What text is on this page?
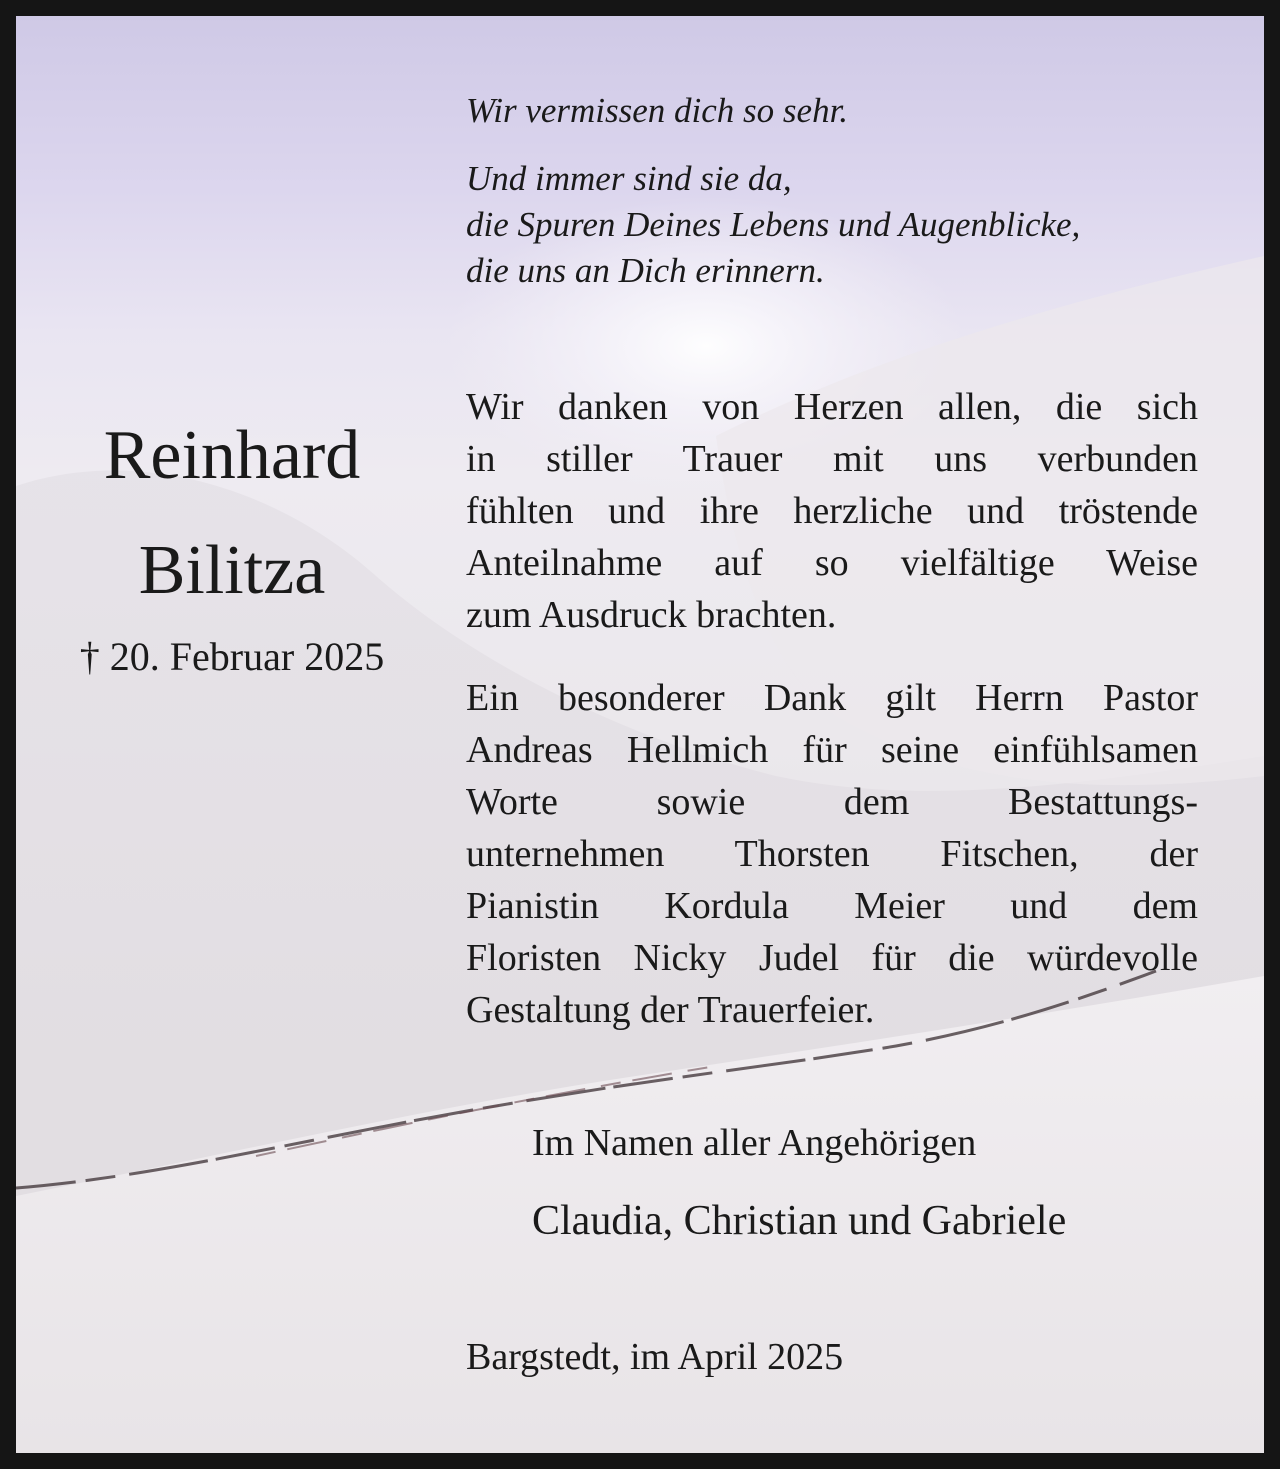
Wir vermissen dich so sehr.
Und immer sind sie da,
die Spuren Deines Lebens und Augenblicke,
die uns an Dich erinnern.
Reinhard
Bilitza
† 20. Februar 2025
Wir danken von Herzen allen, die sich
in stiller Trauer mit uns verbunden
fühlten und ihre herzliche und tröstende
Anteilnahme auf so vielfältige Weise
zum Ausdruck brachten.
Ein besonderer Dank gilt Herrn Pastor
Andreas Hellmich für seine einfühlsamen
Worte sowie dem Bestattungs-
unternehmen Thorsten Fitschen, der
Pianistin Kordula Meier und dem
Floristen Nicky Judel für die würdevolle
Gestaltung der Trauerfeier.
Im Namen aller Angehörigen
Claudia, Christian und Gabriele
Bargstedt, im April 2025
